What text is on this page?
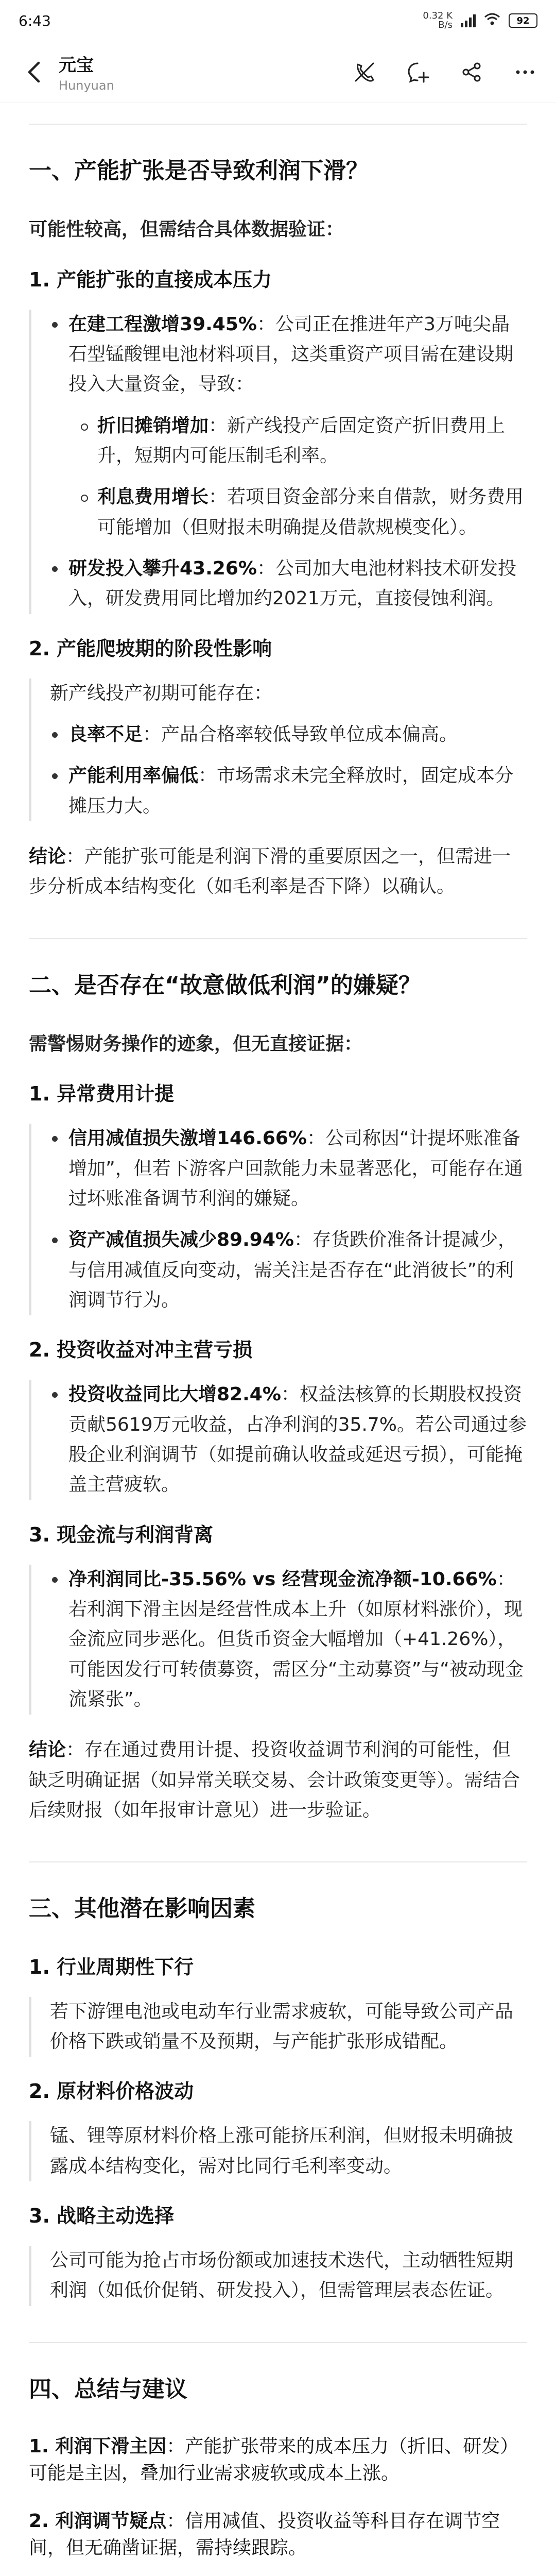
6:43	0.32 K
B/s	92
元宝
Hunyuan
一、产能扩张是否导致利润下滑？

可能性较高，但需结合具体数据验证：

1. 产能扩张的直接成本压力
在建工程激增39.45%：公司正在推进年产3万吨尖晶石型锰酸锂电池材料项目，这类重资产项目需在建设期投入大量资金，导致：
折旧摊销增加：新产线投产后固定资产折旧费用上升，短期内可能压制毛利率。
利息费用增长：若项目资金部分来自借款，财务费用可能增加（但财报未明确提及借款规模变化）。
研发投入攀升43.26%：公司加大电池材料技术研发投入，研发费用同比增加约2021万元，直接侵蚀利润。
2. 产能爬坡期的阶段性影响

新产线投产初期可能存在：

良率不足：产品合格率较低导致单位成本偏高。
产能利用率偏低：市场需求未完全释放时，固定成本分摊压力大。

结论：产能扩张可能是利润下滑的重要原因之一，但需进一步分析成本结构变化（如毛利率是否下降）以确认。

二、是否存在“故意做低利润”的嫌疑？

需警惕财务操作的迹象，但无直接证据：

1. 异常费用计提
信用减值损失激增146.66%：公司称因“计提坏账准备增加”，但若下游客户回款能力未显著恶化，可能存在通过坏账准备调节利润的嫌疑。
资产减值损失减少89.94%：存货跌价准备计提减少，与信用减值反向变动，需关注是否存在“此消彼长”的利润调节行为。
2. 投资收益对冲主营亏损
投资收益同比大增82.4%：权益法核算的长期股权投资贡献5619万元收益，占净利润的35.7%。若公司通过参股企业利润调节（如提前确认收益或延迟亏损），可能掩盖主营疲软。
3. 现金流与利润背离
净利润同比-35.56% vs 经营现金流净额-10.66%：若利润下滑主因是经营性成本上升（如原材料涨价），现金流应同步恶化。但货币资金大幅增加（+41.26%），可能因发行可转债募资，需区分“主动募资”与“被动现金流紧张”。

结论：存在通过费用计提、投资收益调节利润的可能性，但缺乏明确证据（如异常关联交易、会计政策变更等）。需结合后续财报（如年报审计意见）进一步验证。

三、其他潜在影响因素
1. 行业周期性下行

若下游锂电池或电动车行业需求疲软，可能导致公司产品价格下跌或销量不及预期，与产能扩张形成错配。

2. 原材料价格波动

锰、锂等原材料价格上涨可能挤压利润，但财报未明确披露成本结构变化，需对比同行毛利率变动。

3. 战略主动选择

公司可能为抢占市场份额或加速技术迭代，主动牺牲短期利润（如低价促销、研发投入），但需管理层表态佐证。

四、总结与建议
1. 利润下滑主因：产能扩张带来的成本压力（折旧、研发）可能是主因，叠加行业需求疲软或成本上涨。
2. 利润调节疑点：信用减值、投资收益等科目存在调节空间，但无确凿证据，需持续跟踪。
